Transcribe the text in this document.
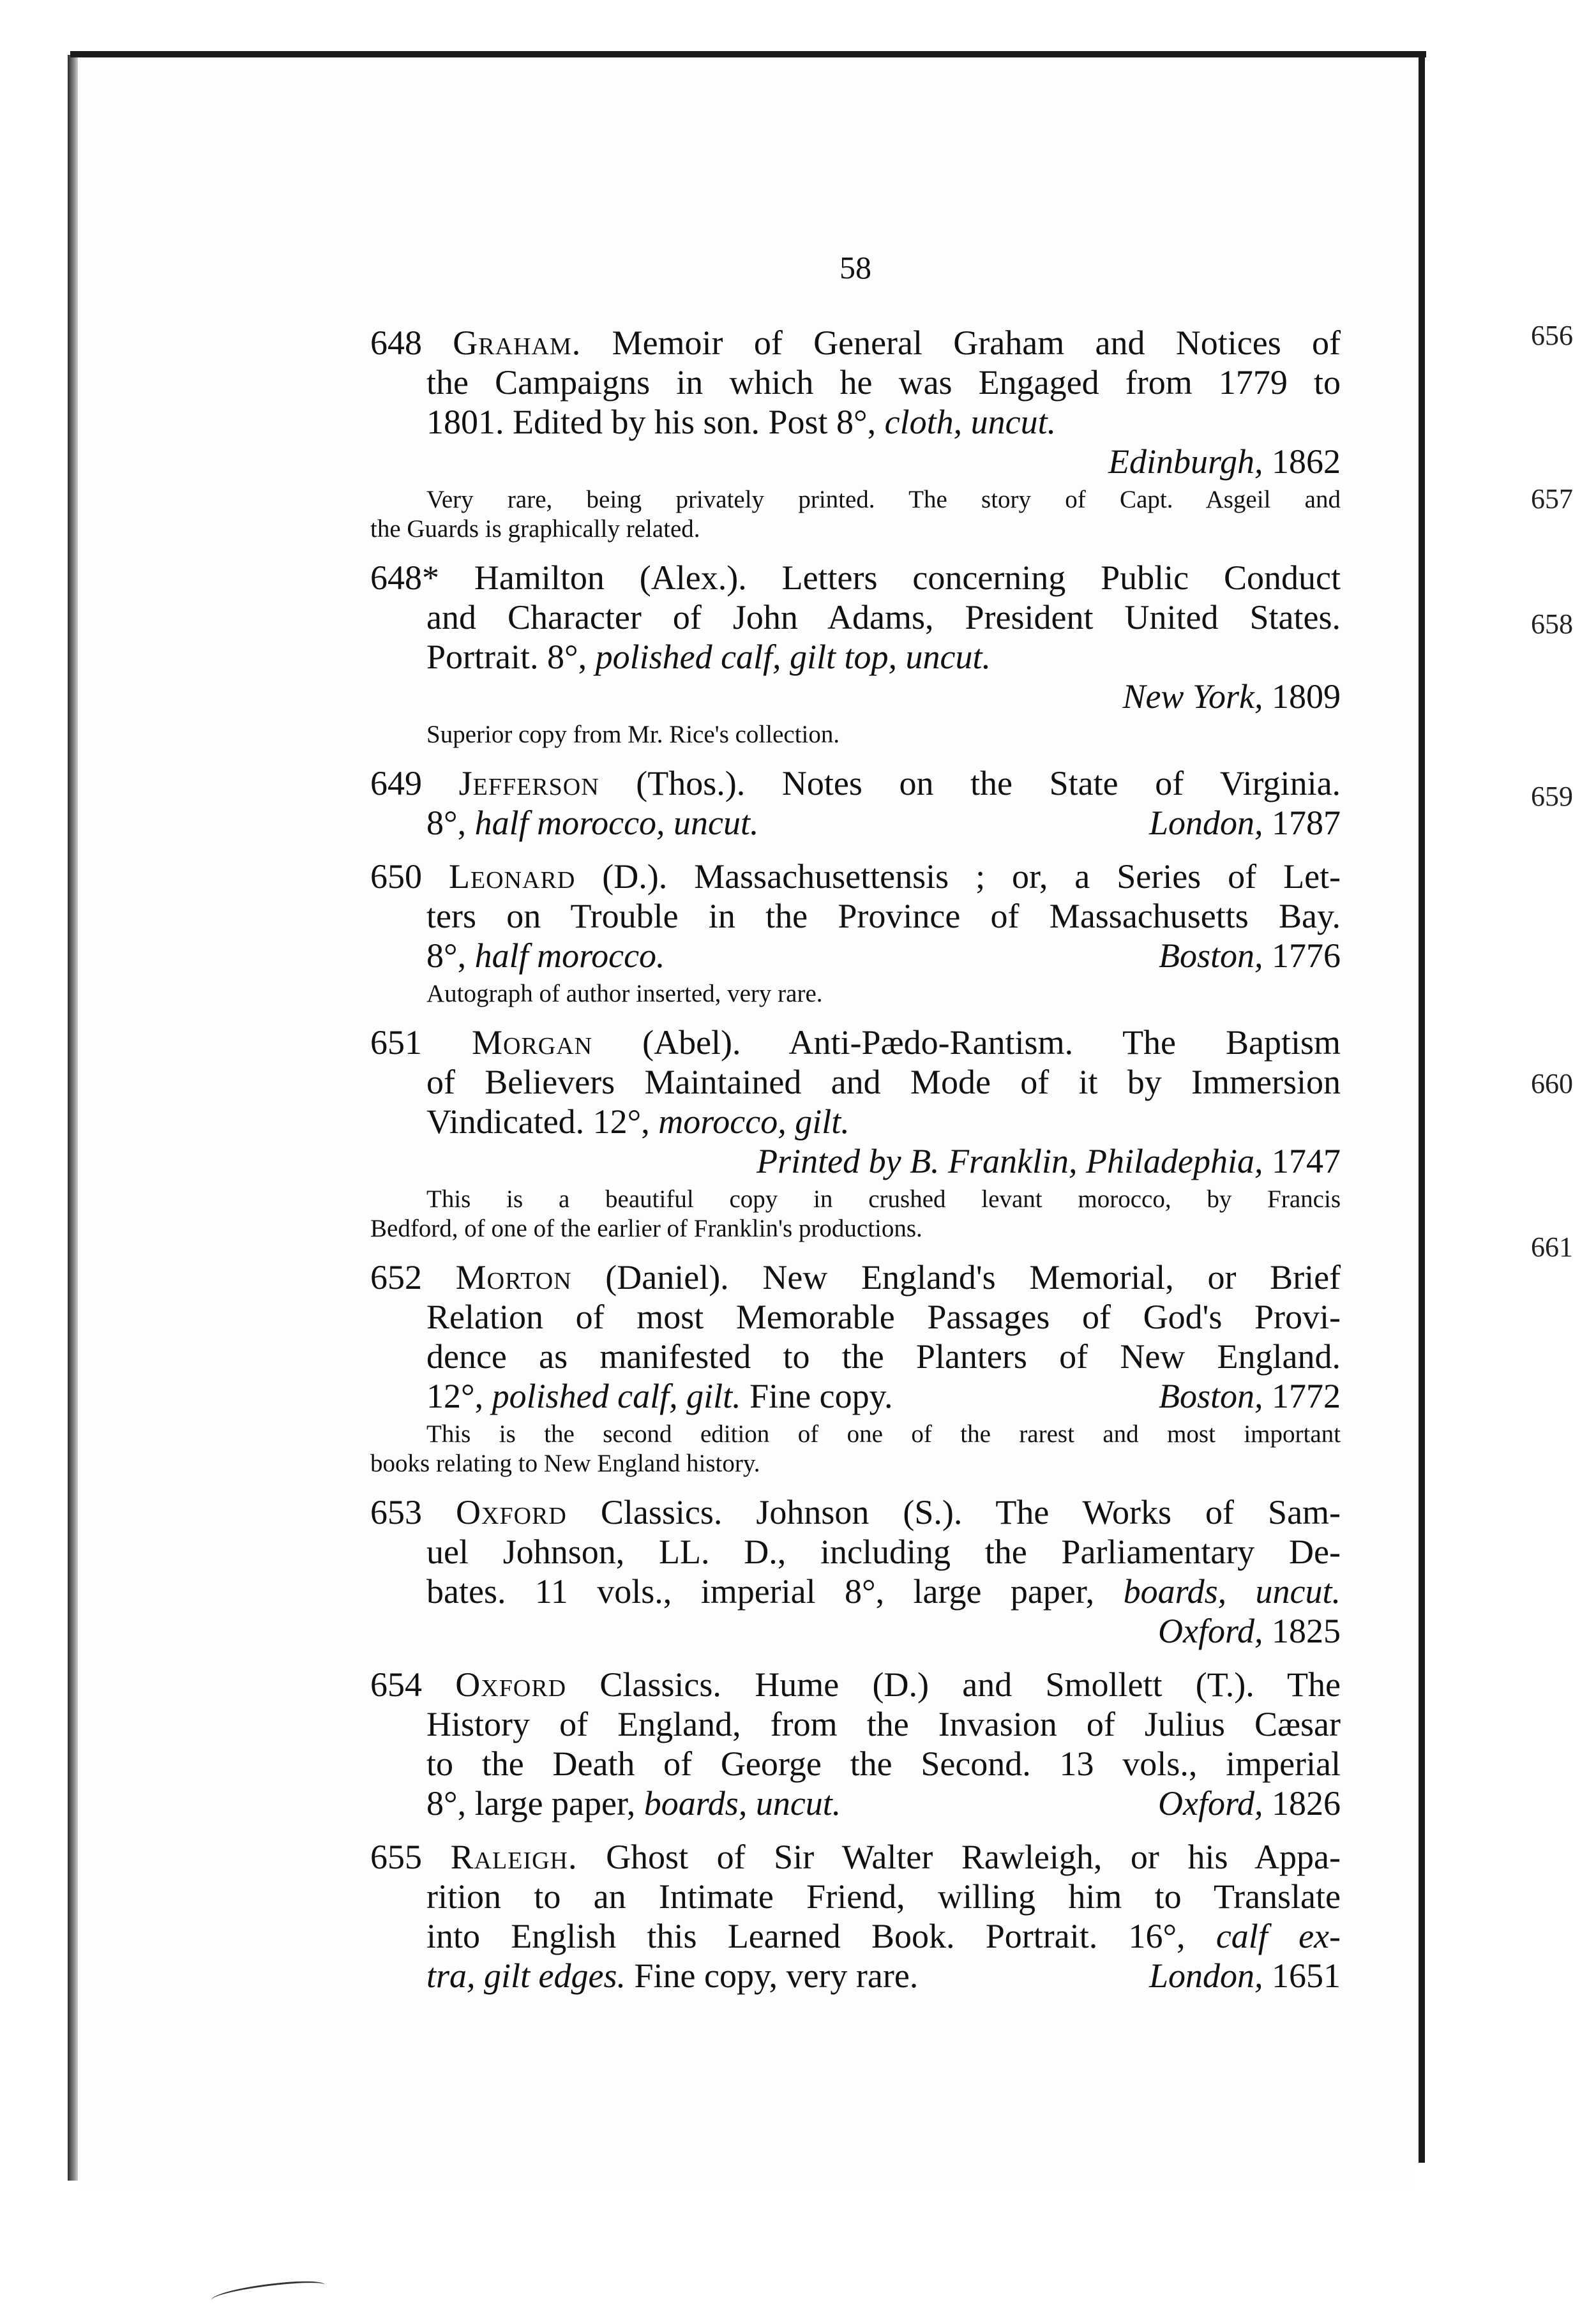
656
657
658
659
660
661
58
648 Graham. Memoir of General Graham and Notices of
the Campaigns in which he was Engaged from 1779 to
1801. Edited by his son. Post 8°, cloth, uncut.
Edinburgh, 1862
Very rare, being privately printed. The story of Capt. Asgeil and
the Guards is graphically related.
648* Hamilton (Alex.). Letters concerning Public Conduct
and Character of John Adams, President United States.
Portrait. 8°, polished calf, gilt top, uncut.
New York, 1809
Superior copy from Mr. Rice's collection.
649 Jefferson (Thos.). Notes on the State of Virginia.
8°, half morocco, uncut.	London, 1787
650 Leonard (D.). Massachusettensis ; or, a Series of Let-
ters on Trouble in the Province of Massachusetts Bay.
8°, half morocco.	Boston, 1776
Autograph of author inserted, very rare.
651 Morgan (Abel). Anti-Pædo-Rantism. The Baptism
of Believers Maintained and Mode of it by Immersion
Vindicated. 12°, morocco, gilt.
Printed by B. Franklin, Philadephia, 1747
This is a beautiful copy in crushed levant morocco, by Francis
Bedford, of one of the earlier of Franklin's productions.
652 Morton (Daniel). New England's Memorial, or Brief
Relation of most Memorable Passages of God's Provi-
dence as manifested to the Planters of New England.
12°, polished calf, gilt. Fine copy.	Boston, 1772
This is the second edition of one of the rarest and most important
books relating to New England history.
653 Oxford Classics. Johnson (S.). The Works of Sam-
uel Johnson, LL. D., including the Parliamentary De-
bates. 11 vols., imperial 8°, large paper, boards, uncut.
Oxford, 1825
654 Oxford Classics. Hume (D.) and Smollett (T.). The
History of England, from the Invasion of Julius Cæsar
to the Death of George the Second. 13 vols., imperial
8°, large paper, boards, uncut.	Oxford, 1826
655 Raleigh. Ghost of Sir Walter Rawleigh, or his Appa-
rition to an Intimate Friend, willing him to Translate
into English this Learned Book. Portrait. 16°, calf ex-
tra, gilt edges. Fine copy, very rare.	London, 1651
